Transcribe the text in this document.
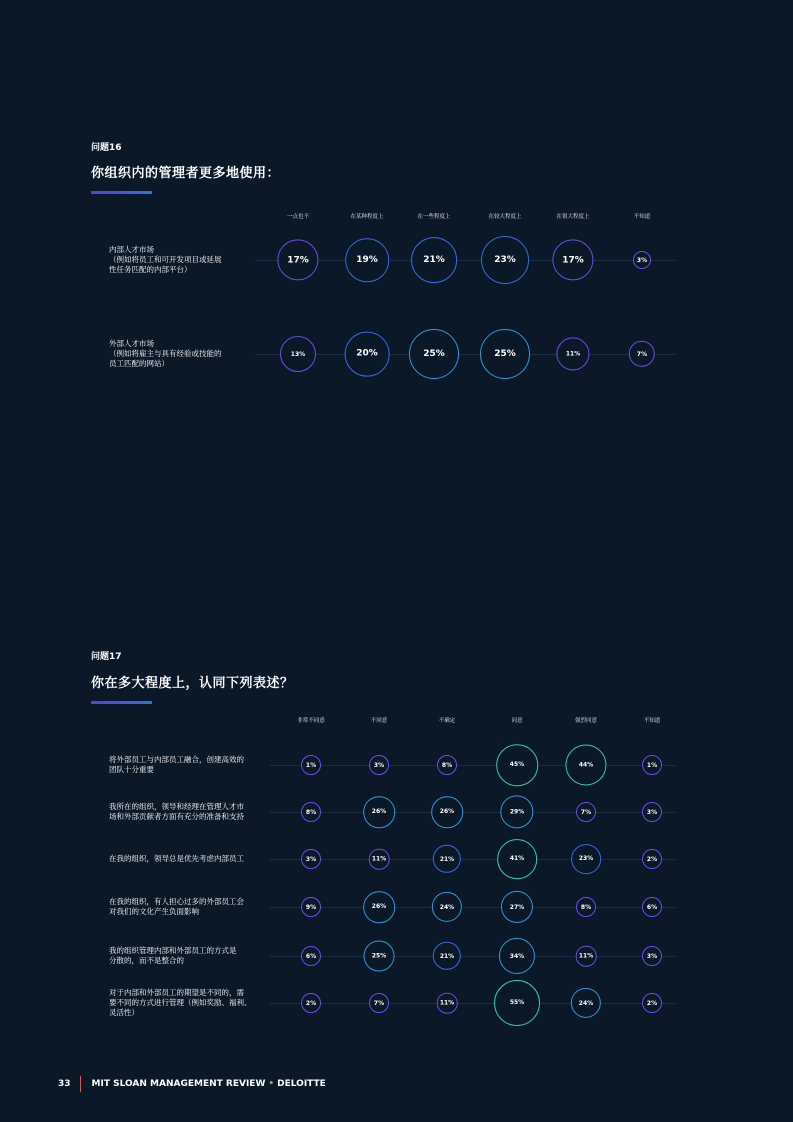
问题16
你组织内的管理者更多地使用：
一点也不	在某种程度上	在一些程度上	在较大程度上	在很大程度上	不知道
内部人才市场
（例如将员工和可开发项目或延展
性任务匹配的内部平台）
17%	19%	21%	23%	17%	3%
外部人才市场
（例如将雇主与具有经验或技能的
员工匹配的网站）
13%	20%	25%	25%	11%	7%
问题17
你在多大程度上，认同下列表述？
非常不同意	不同意	不确定	同意	强烈同意	不知道
将外部员工与内部员工融合，创建高效的
团队十分重要	1%	3%	8%	45%	44%	1%
我所在的组织，领导和经理在管理人才市
场和外部贡献者方面有充分的准备和支持	8%	26%	26%	29%	7%	3%
在我的组织，领导总是优先考虑内部员工	3%	11%	21%	41%	23%	2%
在我的组织，有人担心过多的外部员工会
对我们的文化产生负面影响	9%	26%	24%	27%	8%	6%
我的组织管理内部和外部员工的方式是
分散的，而不是整合的	6%	25%	21%	34%	11%	3%
对于内部和外部员工的期望是不同的，需
要不同的方式进行管理（例如奖励、福利、
灵活性）
2%	7%	11%	55%	24%	2%
33 MIT SLOAN MANAGEMENT REVIEW • DELOITTE
